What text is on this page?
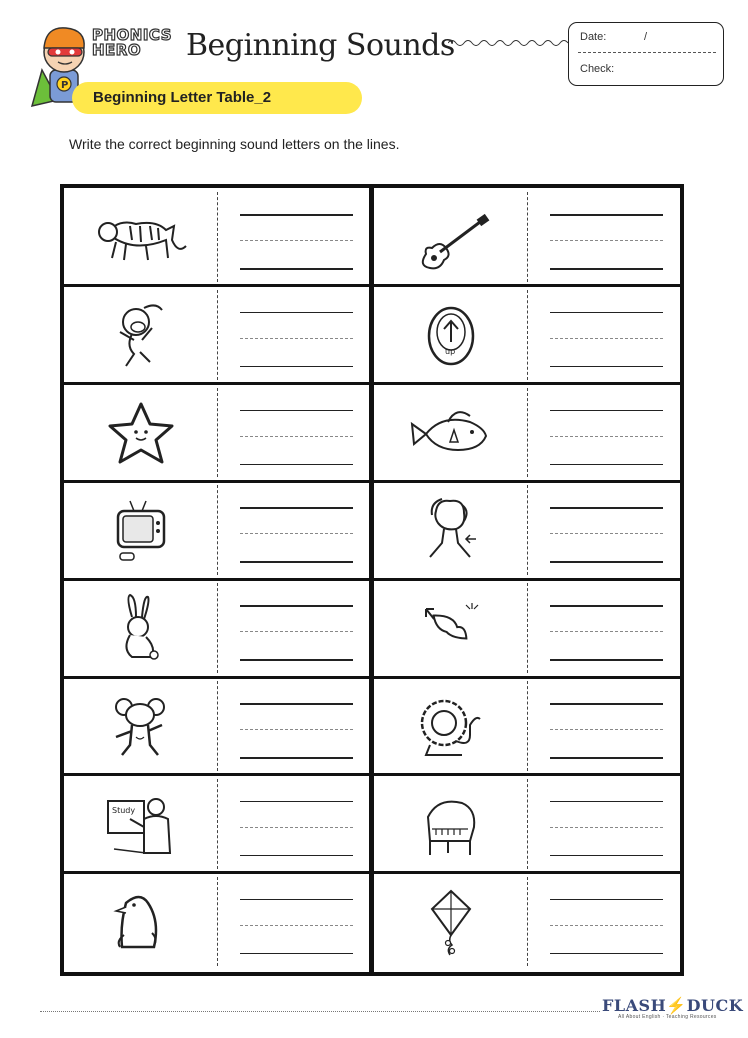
P
PHONICS
HERO	Beginning Sounds	Date:	/
Check:
Beginning Letter Table_2
Write the correct beginning sound letters on the lines.
up
Study
FLASH⚡DUCK
All About English · Teaching Resources
